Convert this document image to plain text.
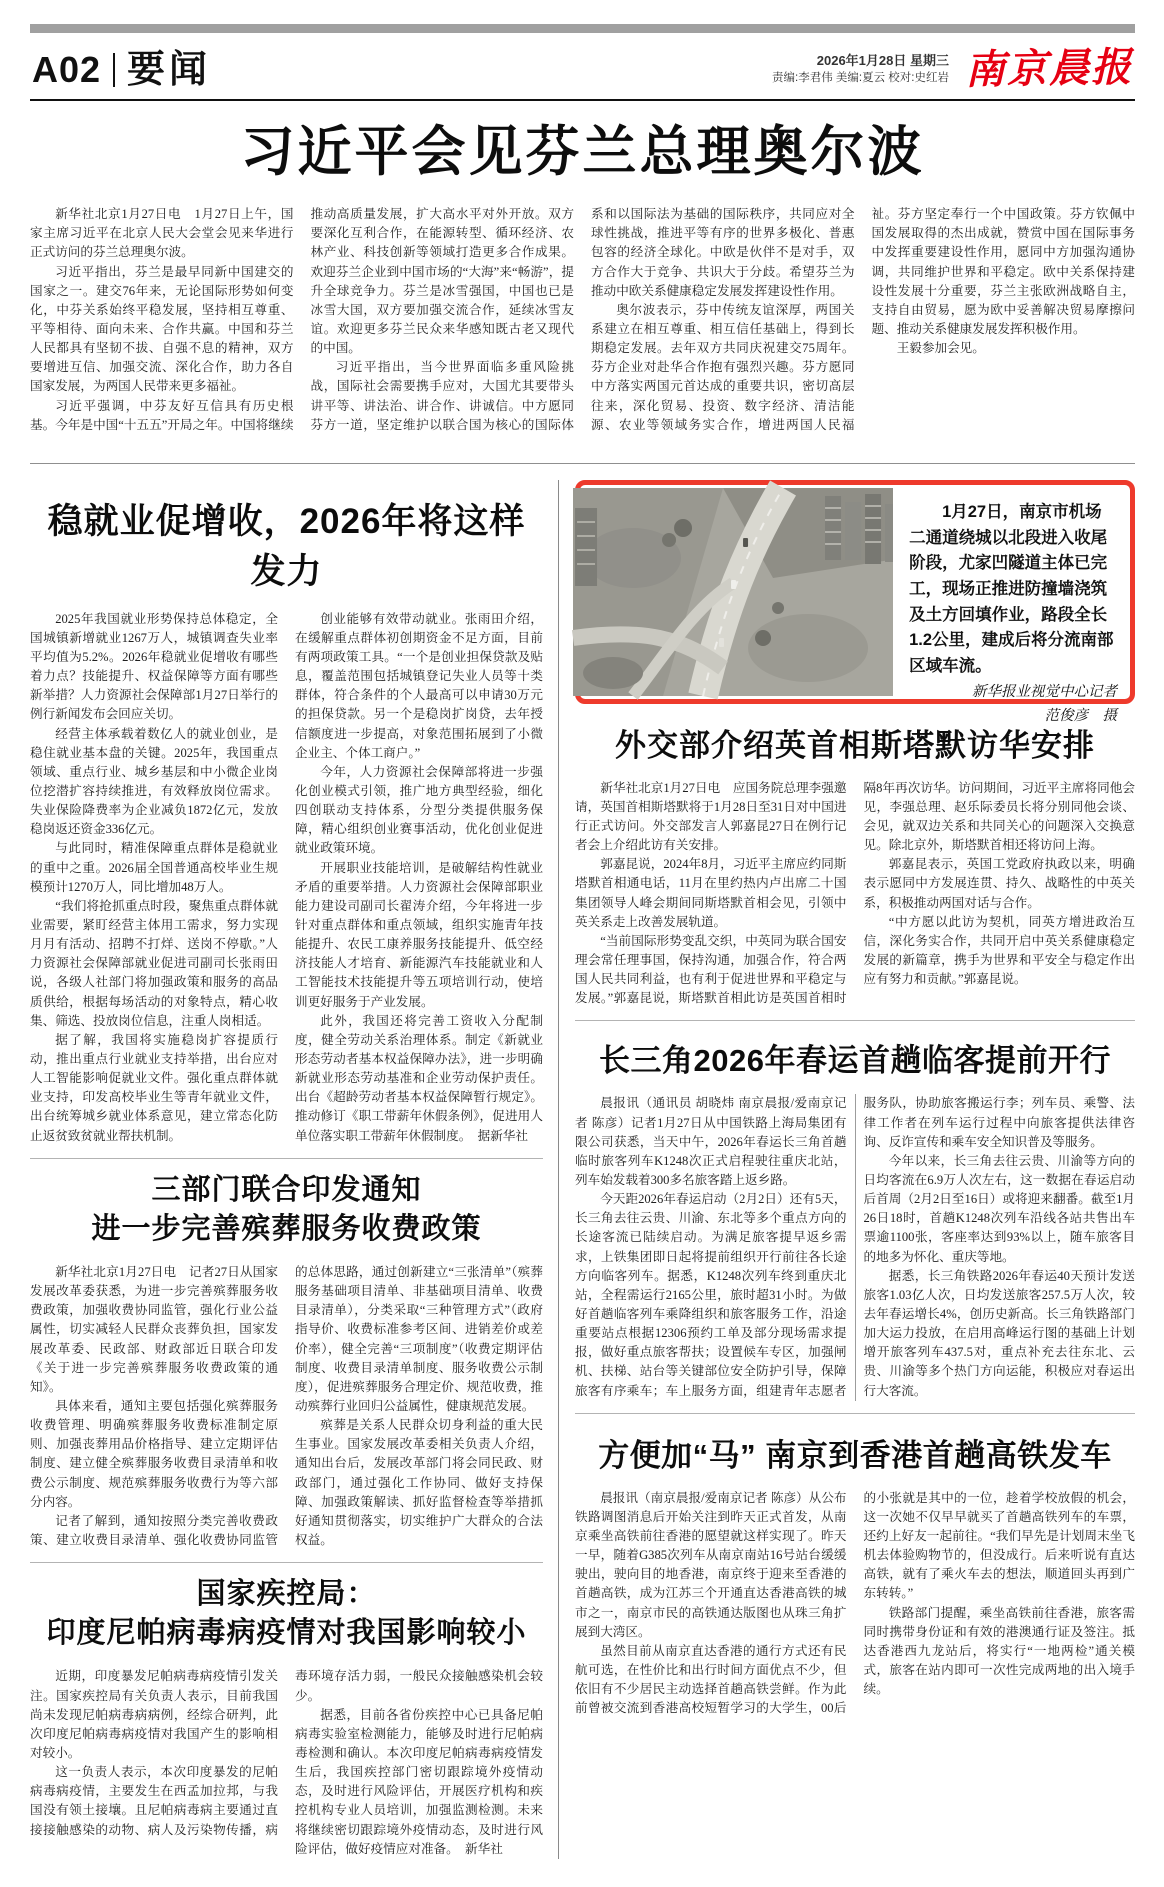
A02 要闻	2026年1月28日 星期三
责编:李君伟 美编:夏云 校对:史红岩 南京晨报
习近平会见芬兰总理奥尔波

新华社北京1月27日电　1月27日上午，国家主席习近平在北京人民大会堂会见来华进行正式访问的芬兰总理奥尔波。

习近平指出，芬兰是最早同新中国建交的国家之一。建交76年来，无论国际形势如何变化，中芬关系始终平稳发展，坚持相互尊重、平等相待、面向未来、合作共赢。中国和芬兰人民都具有坚韧不拔、自强不息的精神，双方要增进互信、加强交流、深化合作，助力各自国家发展，为两国人民带来更多福祉。

习近平强调，中芬友好互信具有历史根基。今年是中国“十五五”开局之年。中国将继续推动高质量发展，扩大高水平对外开放。双方要深化互利合作，在能源转型、循环经济、农林产业、科技创新等领域打造更多合作成果。欢迎芬兰企业到中国市场的“大海”来“畅游”，提升全球竞争力。芬兰是冰雪强国，中国也已是冰雪大国，双方要加强交流合作，延续冰雪友谊。欢迎更多芬兰民众来华感知既古老又现代的中国。

习近平指出，当今世界面临多重风险挑战，国际社会需要携手应对，大国尤其要带头讲平等、讲法治、讲合作、讲诚信。中方愿同芬方一道，坚定维护以联合国为核心的国际体系和以国际法为基础的国际秩序，共同应对全球性挑战，推进平等有序的世界多极化、普惠包容的经济全球化。中欧是伙伴不是对手，双方合作大于竞争、共识大于分歧。希望芬兰为推动中欧关系健康稳定发展发挥建设性作用。

奥尔波表示，芬中传统友谊深厚，两国关系建立在相互尊重、相互信任基础上，得到长期稳定发展。去年双方共同庆祝建交75周年。芬方企业对赴华合作抱有强烈兴趣。芬方愿同中方落实两国元首达成的重要共识，密切高层往来，深化贸易、投资、数字经济、清洁能源、农业等领域务实合作，增进两国人民福祉。芬方坚定奉行一个中国政策。芬方钦佩中国发展取得的杰出成就，赞赏中国在国际事务中发挥重要建设性作用，愿同中方加强沟通协调，共同维护世界和平稳定。欧中关系保持建设性发展十分重要，芬兰主张欧洲战略自主，支持自由贸易，愿为欧中妥善解决贸易摩擦问题、推动关系健康发展发挥积极作用。

王毅参加会见。

稳就业促增收，2026年将这样发力

2025年我国就业形势保持总体稳定，全国城镇新增就业1267万人，城镇调查失业率平均值为5.2%。2026年稳就业促增收有哪些着力点？技能提升、权益保障等方面有哪些新举措？人力资源社会保障部1月27日举行的例行新闻发布会回应关切。

经营主体承载着数亿人的就业创业，是稳住就业基本盘的关键。2025年，我国重点领域、重点行业、城乡基层和中小微企业岗位挖潜扩容持续推进，有效释放岗位需求。失业保险降费率为企业减负1872亿元，发放稳岗返还资金336亿元。

与此同时，精准保障重点群体是稳就业的重中之重。2026届全国普通高校毕业生规模预计1270万人，同比增加48万人。

“我们将抢抓重点时段，聚焦重点群体就业需要，紧盯经营主体用工需求，努力实现月月有活动、招聘不打烊、送岗不停歇。”人力资源社会保障部就业促进司副司长张雨田说，各级人社部门将加强政策和服务的高品质供给，根据每场活动的对象特点，精心收集、筛选、投放岗位信息，注重人岗相适。

据了解，我国将实施稳岗扩容提质行动，推出重点行业就业支持举措，出台应对人工智能影响促就业文件。强化重点群体就业支持，印发高校毕业生等青年就业文件，出台统筹城乡就业体系意见，建立常态化防止返贫致贫就业帮扶机制。

创业能够有效带动就业。张雨田介绍，在缓解重点群体初创期资金不足方面，目前有两项政策工具。“一个是创业担保贷款及贴息，覆盖范围包括城镇登记失业人员等十类群体，符合条件的个人最高可以申请30万元的担保贷款。另一个是稳岗扩岗贷，去年授信额度进一步提高，对象范围拓展到了小微企业主、个体工商户。”

今年，人力资源社会保障部将进一步强化创业模式引领，推广地方典型经验，细化四创联动支持体系，分型分类提供服务保障，精心组织创业赛事活动，优化创业促进就业政策环境。

开展职业技能培训，是破解结构性就业矛盾的重要举措。人力资源社会保障部职业能力建设司副司长翟涛介绍，今年将进一步针对重点群体和重点领域，组织实施青年技能提升、农民工康养服务技能提升、低空经济技能人才培育、新能源汽车技能就业和人工智能技术技能提升等五项培训行动，使培训更好服务于产业发展。

此外，我国还将完善工资收入分配制度，健全劳动关系治理体系。制定《新就业形态劳动者基本权益保障办法》，进一步明确新就业形态劳动基准和企业劳动保护责任。出台《超龄劳动者基本权益保障暂行规定》。推动修订《职工带薪年休假条例》，促进用人单位落实职工带薪年休假制度。　据新华社

三部门联合印发通知
进一步完善殡葬服务收费政策

新华社北京1月27日电　记者27日从国家发展改革委获悉，为进一步完善殡葬服务收费政策，加强收费协同监管，强化行业公益属性，切实减轻人民群众丧葬负担，国家发展改革委、民政部、财政部近日联合印发《关于进一步完善殡葬服务收费政策的通知》。

具体来看，通知主要包括强化殡葬服务收费管理、明确殡葬服务收费标准制定原则、加强丧葬用品价格指导、建立定期评估制度、建立健全殡葬服务收费目录清单和收费公示制度、规范殡葬服务收费行为等六部分内容。

记者了解到，通知按照分类完善收费政策、建立收费目录清单、强化收费协同监管的总体思路，通过创新建立“三张清单”（殡葬服务基础项目清单、非基础项目清单、收费目录清单），分类采取“三种管理方式”（政府指导价、收费标准参考区间、进销差价或差价率），健全完善“三项制度”（收费定期评估制度、收费目录清单制度、服务收费公示制度），促进殡葬服务合理定价、规范收费，推动殡葬行业回归公益属性，健康规范发展。

殡葬是关系人民群众切身利益的重大民生事业。国家发展改革委相关负责人介绍，通知出台后，发展改革部门将会同民政、财政部门，通过强化工作协同、做好支持保障、加强政策解读、抓好监督检查等举措抓好通知贯彻落实，切实维护广大群众的合法权益。

国家疾控局：
印度尼帕病毒病疫情对我国影响较小

近期，印度暴发尼帕病毒病疫情引发关注。国家疾控局有关负责人表示，目前我国尚未发现尼帕病毒病病例，经综合研判，此次印度尼帕病毒病疫情对我国产生的影响相对较小。

这一负责人表示，本次印度暴发的尼帕病毒病疫情，主要发生在西孟加拉邦，与我国没有领土接壤。且尼帕病毒病主要通过直接接触感染的动物、病人及污染物传播，病毒环境存活力弱，一般民众接触感染机会较少。

据悉，目前各省份疾控中心已具备尼帕病毒实验室检测能力，能够及时进行尼帕病毒检测和确认。本次印度尼帕病毒病疫情发生后，我国疾控部门密切跟踪境外疫情动态，及时进行风险评估，开展医疗机构和疾控机构专业人员培训，加强监测检测。未来将继续密切跟踪境外疫情动态，及时进行风险评估，做好疫情应对准备。　新华社

1月27日，南京市机场二通道绕城以北段进入收尾阶段，尤家凹隧道主体已完工，现场正推进防撞墙浇筑及土方回填作业，路段全长1.2公里，建成后将分流南部区域车流。

新华报业视觉中心记者

范俊彦　摄

外交部介绍英首相斯塔默访华安排

新华社北京1月27日电　应国务院总理李强邀请，英国首相斯塔默将于1月28日至31日对中国进行正式访问。外交部发言人郭嘉昆27日在例行记者会上介绍此访有关安排。

郭嘉昆说，2024年8月，习近平主席应约同斯塔默首相通电话，11月在里约热内卢出席二十国集团领导人峰会期间同斯塔默首相会见，引领中英关系走上改善发展轨道。

“当前国际形势变乱交织，中英同为联合国安理会常任理事国，保持沟通，加强合作，符合两国人民共同利益，也有利于促进世界和平稳定与发展。”郭嘉昆说，斯塔默首相此访是英国首相时隔8年再次访华。访问期间，习近平主席将同他会见，李强总理、赵乐际委员长将分别同他会谈、会见，就双边关系和共同关心的问题深入交换意见。除北京外，斯塔默首相还将访问上海。

郭嘉昆表示，英国工党政府执政以来，明确表示愿同中方发展连贯、持久、战略性的中英关系，积极推动两国对话与合作。

“中方愿以此访为契机，同英方增进政治互信，深化务实合作，共同开启中英关系健康稳定发展的新篇章，携手为世界和平安全与稳定作出应有努力和贡献。”郭嘉昆说。

长三角2026年春运首趟临客提前开行

晨报讯（通讯员 胡晓炜 南京晨报/爱南京记者 陈彦）记者1月27日从中国铁路上海局集团有限公司获悉，当天中午，2026年春运长三角首趟临时旅客列车K1248次正式启程驶往重庆北站，列车始发载着300多名旅客踏上返乡路。

今天距2026年春运启动（2月2日）还有5天，长三角去往云贵、川渝、东北等多个重点方向的长途客流已陆续启动。为满足旅客提早返乡需求，上铁集团即日起将提前组织开行前往各长途方向临客列车。据悉，K1248次列车终到重庆北站，全程需运行2165公里，旅时超31小时。为做好首趟临客列车乘降组织和旅客服务工作，沿途重要站点根据12306预约工单及部分现场需求提报，做好重点旅客帮扶；设置候车专区，加强闸机、扶梯、站台等关键部位安全防护引导，保障旅客有序乘车；车上服务方面，组建青年志愿者服务队，协助旅客搬运行李；列车员、乘警、法律工作者在列车运行过程中向旅客提供法律咨询、反诈宣传和乘车安全知识普及等服务。

今年以来，长三角去往云贵、川渝等方向的日均客流在6.9万人次左右，这一数据在春运启动后首周（2月2日至16日）或将迎来翻番。截至1月26日18时，首趟K1248次列车沿线各站共售出车票逾1100张，客座率达到93%以上，随车旅客目的地多为怀化、重庆等地。

据悉，长三角铁路2026年春运40天预计发送旅客1.03亿人次，日均发送旅客257.5万人次，较去年春运增长4%，创历史新高。长三角铁路部门加大运力投放，在启用高峰运行图的基础上计划增开旅客列车437.5对，重点补充去往东北、云贵、川渝等多个热门方向运能，积极应对春运出行大客流。

方便加“马” 南京到香港首趟高铁发车

晨报讯（南京晨报/爱南京记者 陈彦）从公布铁路调图消息后开始关注到昨天正式首发，从南京乘坐高铁前往香港的愿望就这样实现了。昨天一早，随着G385次列车从南京南站16号站台缓缓驶出，驶向目的地香港，南京终于迎来至香港的首趟高铁，成为江苏三个开通直达香港高铁的城市之一，南京市民的高铁通达版图也从珠三角扩展到大湾区。

虽然目前从南京直达香港的通行方式还有民航可选，在性价比和出行时间方面优点不少，但依旧有不少居民主动选择首趟高铁尝鲜。作为此前曾被交流到香港高校短暂学习的大学生，00后的小张就是其中的一位，趁着学校放假的机会，这一次她不仅早早就买了首趟高铁列车的车票，还约上好友一起前往。“我们早先是计划周末坐飞机去体验购物节的，但没成行。后来听说有直达高铁，就有了乘火车去的想法，顺道回头再到广东转转。”

铁路部门提醒，乘坐高铁前往香港，旅客需同时携带身份证和有效的港澳通行证及签注。抵达香港西九龙站后，将实行“一地两检”通关模式，旅客在站内即可一次性完成两地的出入境手续。
